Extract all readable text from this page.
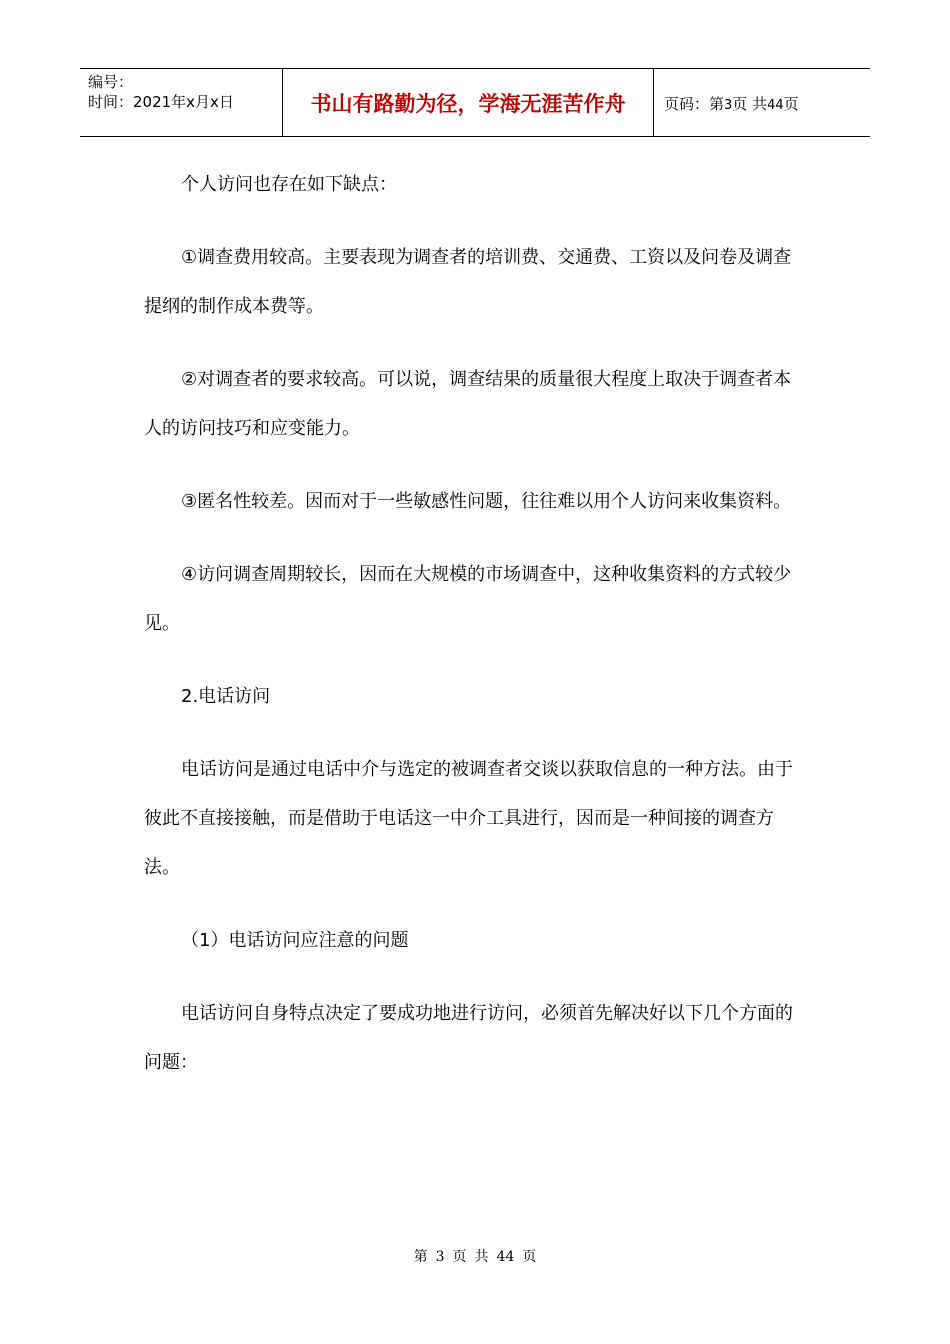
编号：
时间：2021年x月x日	书山有路勤为径，学海无涯苦作舟	页码：第3页 共44页

个人访问也存在如下缺点：

①调查费用较高。主要表现为调查者的培训费、交通费、工资以及问卷及调查提纲的制作成本费等。

②对调查者的要求较高。可以说，调查结果的质量很大程度上取决于调查者本人的访问技巧和应变能力。

③匿名性较差。因而对于一些敏感性问题，往往难以用个人访问来收集资料。

④访问调查周期较长，因而在大规模的市场调查中，这种收集资料的方式较少见。

2.电话访问

电话访问是通过电话中介与选定的被调查者交谈以获取信息的一种方法。由于彼此不直接接触，而是借助于电话这一中介工具进行，因而是一种间接的调查方法。

（1）电话访问应注意的问题

电话访问自身特点决定了要成功地进行访问，必须首先解决好以下几个方面的问题：

第 3 页 共 44 页
